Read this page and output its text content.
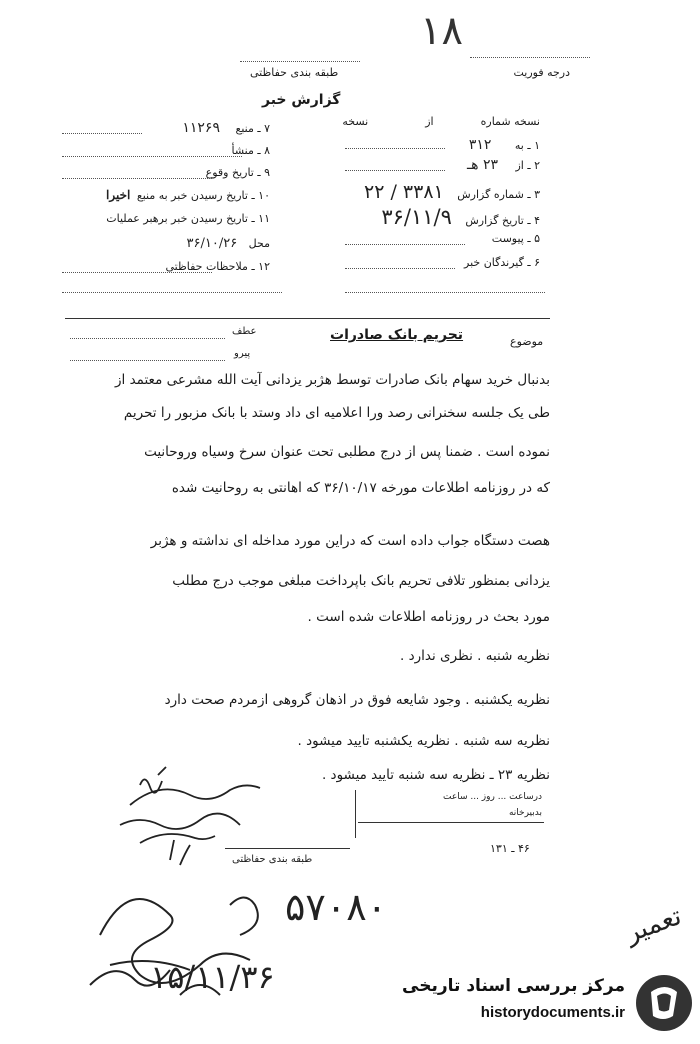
۱۸
درجه فوریت
طبقه بندی حفاظتی
گزارش خبر
نسخه شماره  از  نسخه
۱ ـ به ۳۱۲
۲ ـ از ۲۳ هـ
۳ ـ شماره گزارش ۳۳۸۱ / ۲۲
۴ ـ تاریخ گزارش ۳۶/۱۱/۹
۵ ـ پیوست
۶ ـ گیرندگان خبر
۷ ـ منبع ۱۱۲۶۹
۸ ـ منشأ
۹ ـ تاریخ وقوع
۱۰ ـ تاریخ رسیدن خبر به منبع اخیرا
۱۱ ـ تاریخ رسیدن خبر برهبر عملیات
محل ۳۶/۱۰/۲۶
۱۲ ـ ملاحظات حفاظتی
موضوع
تحریم بانک صادرات
عطف
پیرو
بدنبال خرید سهام بانک صادرات توسط هژبر یزدانی آیت الله مشرعی معتمد از
طی یک جلسه سخنرانی رصد ورا اعلامیه ای داد وستد با بانک مزبور را تحریم
نموده است . ضمنا پس از درج مطلبی تحت عنوان سرخ وسیاه وروحانیت
که در روزنامه اطلاعات مورخه ۳۶/۱۰/۱۷ که اهانتی به روحانیت شده
هصت دستگاه جواب داده است که دراین مورد مداخله ای نداشته و هژبر
یزدانی بمنظور تلافی تحریم بانک باپرداخت مبلغی موجب درج مطلب
مورد بحث در روزنامه اطلاعات شده است .
نظریه شنبه . نظری ندارد .
نظریه یکشنبه . وجود شایعه فوق در اذهان گروهی ازمردم صحت دارد
نظریه سه شنبه . نظریه یکشنبه تایید میشود .
نظریه ۲۳ ـ نظریه سه شنبه تایید میشود .
درساعت ... روز ... ساعت
بدبیرخانه
۴۶ ـ ۱۳۱
طبقه بندی حفاظتی
۵۷۰۸۰
۱۵/۱۱/۳۶
تعمیر
مرکز بررسی اسناد تاریخی
historydocuments.ir
